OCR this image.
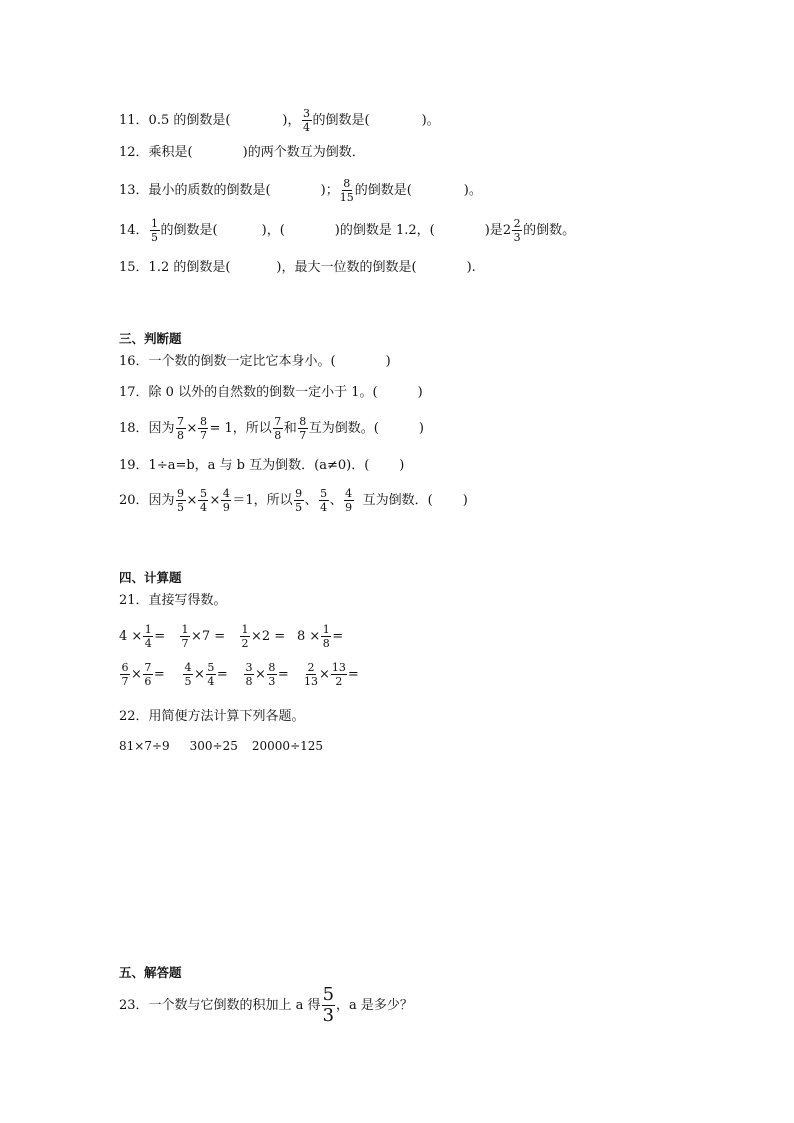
11．0.5 的倒数是(	)， $\frac{3}{4}$ 的倒数是(	)。
12．乘积是(	)的两个数互为倒数．
13．最小的质数的倒数是(	)； $\frac{8}{15}$ 的倒数是(	)。
14． $\frac{1}{5}$ 的倒数是(	)，(	)的倒数是 1.2，(	)是 $2 \frac{2}{3}$ 的倒数。
15．1.2 的倒数是(	)，最大一位数的倒数是(	).
三、判断题
16．一个数的倒数一定比它本身小。(	)
17．除 0 以外的自然数的倒数一定小于 1。(	)
18．因为 $\frac{7}{8} \times \frac{8}{7} = 1$，所以 $\frac{7}{8}$ 和 $\frac{8}{7}$ 互为倒数。(	)
19．1÷a=b，a 与 b 互为倒数．(a≠0)．( )
20．因为 $\frac{9}{5} \times \frac{5}{4} \times \frac{4}{9} =1$，所以 $\frac{9}{5}$ 、 $\frac{5}{4}$ 、 $\frac{4}{9}$ 互为倒数．( )
四、计算题
21．直接写得数。
$4 \times \frac{1}{4} = \frac{1}{7} \times 7 = \frac{1}{2} \times 2 = 8 \times \frac{1}{8}$ =
$\frac{6}{7} \times \frac{7}{6} = \frac{4}{5} \times \frac{5}{4} = \frac{3}{8} \times \frac{8}{3} = \frac{2}{13} \times \frac{13}{2}$ =
22．用简便方法计算下列各题。
81×7÷9 300÷25 20000÷125
五、解答题
23．一个数与它倒数的积加上 a 得 $\frac{5}{3}$ ，a 是多少？
